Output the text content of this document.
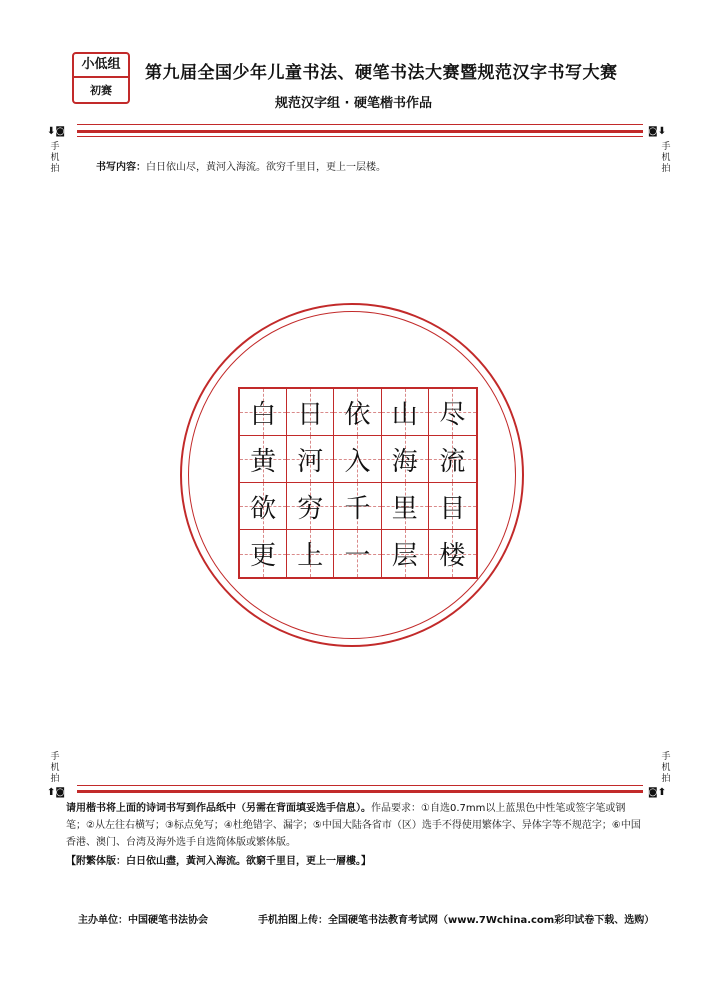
小低组
初赛
第九届全国少年儿童书法、硬笔书法大赛暨规范汉字书写大赛
规范汉字组 · 硬笔楷书作品
⬇◙	◙⬇
手机拍
手机拍
书写内容：白日依山尽，黄河入海流。欲穷千里目，更上一层楼。
白 日 依 山 尽
黄 河 入 海 流
欲 穷 千 里 目
更 上 一 层 楼
手机拍
手机拍
⬆◙	◙⬆
请用楷书将上面的诗词书写到作品纸中（另需在背面填妥选手信息）。作品要求：①自选0.7mm以上蓝黑色中性笔或签字笔或钢笔；②从左往右横写；③标点免写；④杜绝错字、漏字；⑤中国大陆各省市（区）选手不得使用繁体字、异体字等不规范字；⑥中国香港、澳门、台湾及海外选手自选简体版或繁体版。
【附繁体版：白日依山盡，黃河入海流。欲窮千里目，更上一層樓。】
主办单位：中国硬笔书法协会	手机拍图上传：全国硬笔书法教育考试网（www.7Wchina.com彩印试卷下载、选购）
